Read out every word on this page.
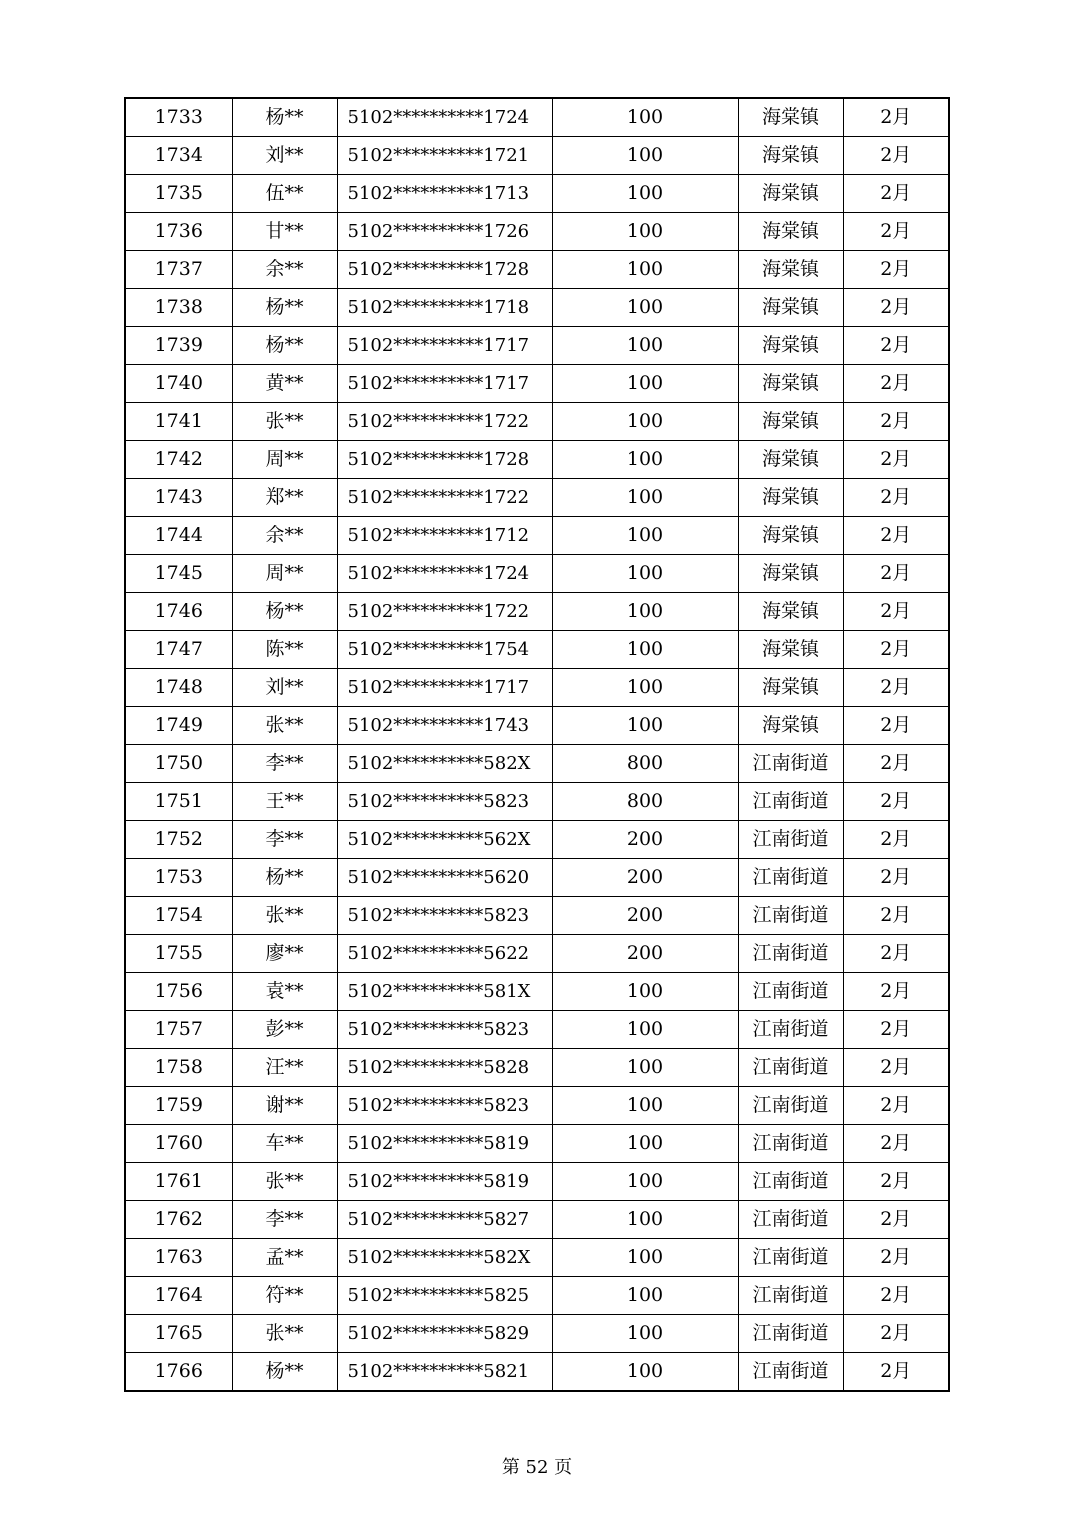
1733	杨**	5102**********1724	100	海棠镇	2月
1734	刘**	5102**********1721	100	海棠镇	2月
1735	伍**	5102**********1713	100	海棠镇	2月
1736	甘**	5102**********1726	100	海棠镇	2月
1737	余**	5102**********1728	100	海棠镇	2月
1738	杨**	5102**********1718	100	海棠镇	2月
1739	杨**	5102**********1717	100	海棠镇	2月
1740	黄**	5102**********1717	100	海棠镇	2月
1741	张**	5102**********1722	100	海棠镇	2月
1742	周**	5102**********1728	100	海棠镇	2月
1743	郑**	5102**********1722	100	海棠镇	2月
1744	余**	5102**********1712	100	海棠镇	2月
1745	周**	5102**********1724	100	海棠镇	2月
1746	杨**	5102**********1722	100	海棠镇	2月
1747	陈**	5102**********1754	100	海棠镇	2月
1748	刘**	5102**********1717	100	海棠镇	2月
1749	张**	5102**********1743	100	海棠镇	2月
1750	李**	5102**********582X	800	江南街道	2月
1751	王**	5102**********5823	800	江南街道	2月
1752	李**	5102**********562X	200	江南街道	2月
1753	杨**	5102**********5620	200	江南街道	2月
1754	张**	5102**********5823	200	江南街道	2月
1755	廖**	5102**********5622	200	江南街道	2月
1756	袁**	5102**********581X	100	江南街道	2月
1757	彭**	5102**********5823	100	江南街道	2月
1758	汪**	5102**********5828	100	江南街道	2月
1759	谢**	5102**********5823	100	江南街道	2月
1760	车**	5102**********5819	100	江南街道	2月
1761	张**	5102**********5819	100	江南街道	2月
1762	李**	5102**********5827	100	江南街道	2月
1763	孟**	5102**********582X	100	江南街道	2月
1764	符**	5102**********5825	100	江南街道	2月
1765	张**	5102**********5829	100	江南街道	2月
1766	杨**	5102**********5821	100	江南街道	2月
第 52 页
